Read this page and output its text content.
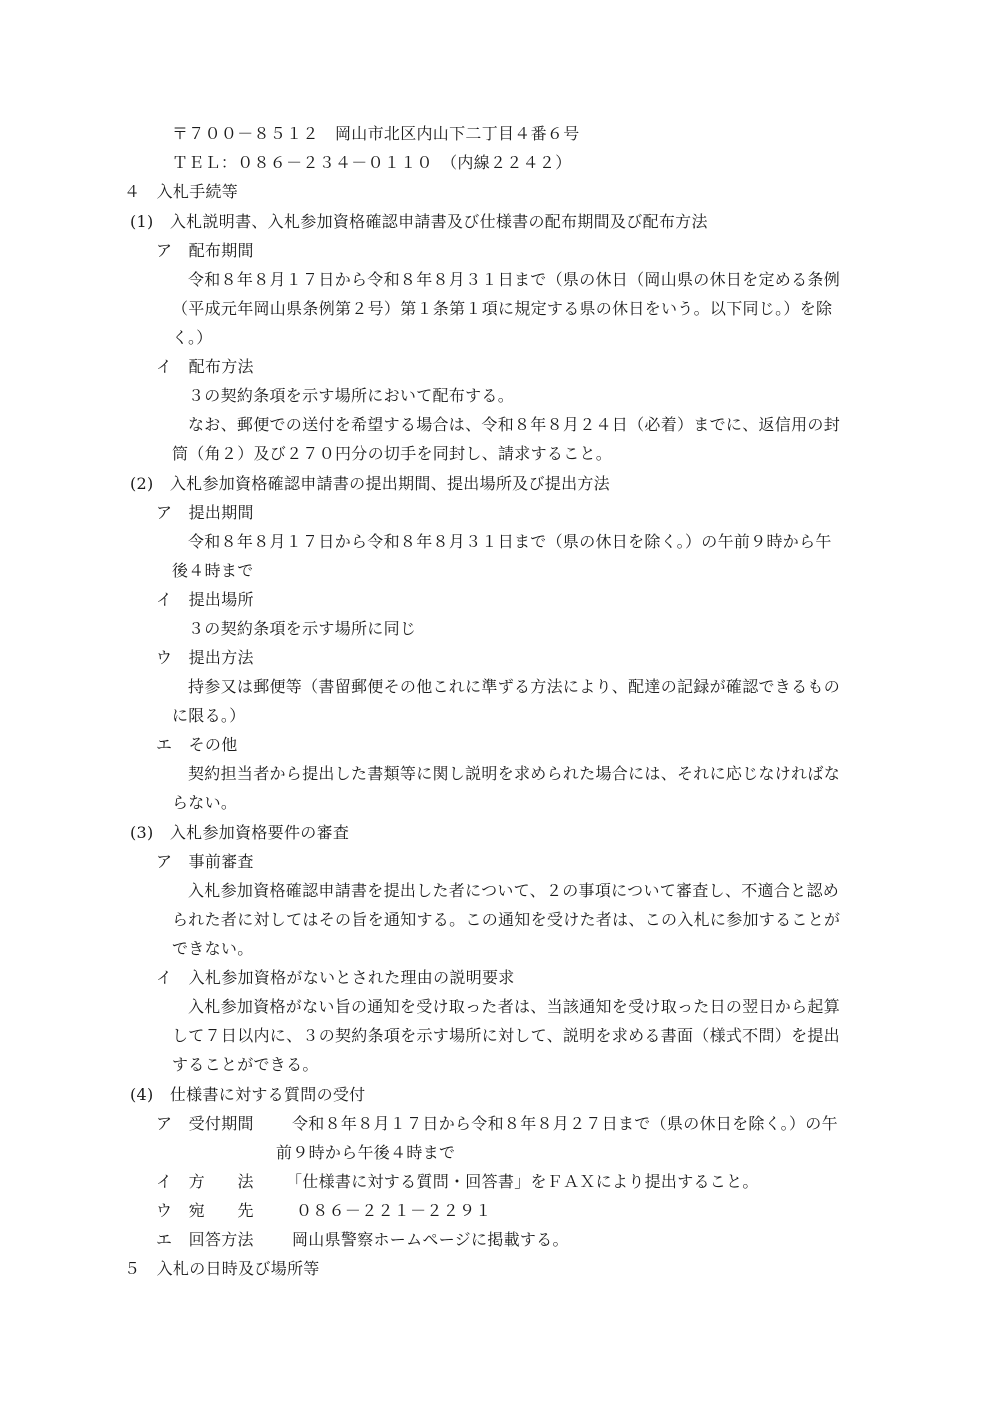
〒７００－８５１２　岡山市北区内山下二丁目４番６号
ＴＥＬ：０８６－２３４－０１１０　（内線２２４２）
４　入札手続等
(1)　入札説明書、入札参加資格確認申請書及び仕様書の配布期間及び配布方法
ア　配布期間
令和８年８月１７日から令和８年８月３１日まで（県の休日（岡山県の休日を定める条例
（平成元年岡山県条例第２号）第１条第１項に規定する県の休日をいう。以下同じ。）を除
く。）
イ　配布方法
３の契約条項を示す場所において配布する。
なお、郵便での送付を希望する場合は、令和８年８月２４日（必着）までに、返信用の封
筒（角２）及び２７０円分の切手を同封し、請求すること。
(2)　入札参加資格確認申請書の提出期間、提出場所及び提出方法
ア　提出期間
令和８年８月１７日から令和８年８月３１日まで（県の休日を除く。）の午前９時から午
後４時まで
イ　提出場所
３の契約条項を示す場所に同じ
ウ　提出方法
持参又は郵便等（書留郵便その他これに準ずる方法により、配達の記録が確認できるもの
に限る。）
エ　その他
契約担当者から提出した書類等に関し説明を求められた場合には、それに応じなければな
らない。
(3)　入札参加資格要件の審査
ア　事前審査
入札参加資格確認申請書を提出した者について、２の事項について審査し、不適合と認め
られた者に対してはその旨を通知する。この通知を受けた者は、この入札に参加することが
できない。
イ　入札参加資格がないとされた理由の説明要求
入札参加資格がない旨の通知を受け取った者は、当該通知を受け取った日の翌日から起算
して７日以内に、３の契約条項を示す場所に対して、説明を求める書面（様式不問）を提出
することができる。
(4)　仕様書に対する質問の受付
ア　受付期間 令和８年８月１７日から令和８年８月２７日まで（県の休日を除く。）の午
前９時から午後４時まで
イ　方　　法 「仕様書に対する質問・回答書」をＦＡＸにより提出すること。
ウ　宛　　先	０８６－２２１－２２９１
エ　回答方法 岡山県警察ホームページに掲載する。
５　入札の日時及び場所等
